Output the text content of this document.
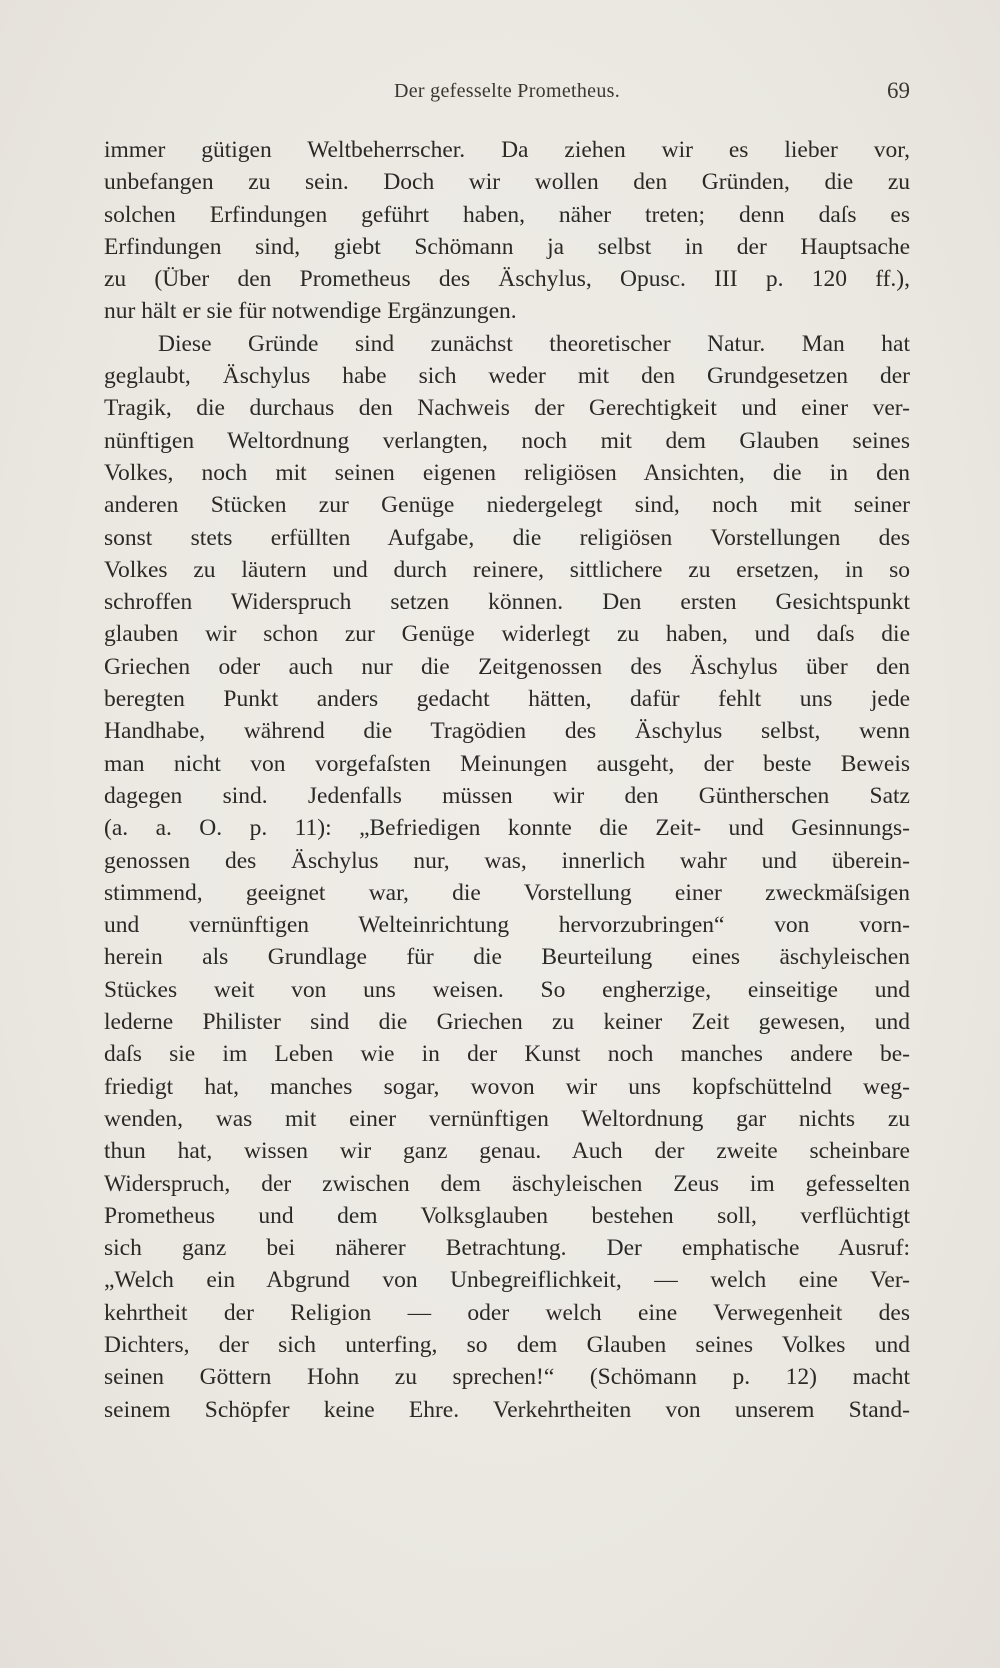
Der gefesselte Prometheus.	69
immer gütigen Weltbeherrscher. Da ziehen wir es lieber vor,
unbefangen zu sein. Doch wir wollen den Gründen, die zu
solchen Erfindungen geführt haben, näher treten; denn daſs es
Erfindungen sind, giebt Schömann ja selbst in der Hauptsache
zu (Über den Prometheus des Äschylus, Opusc. III p. 120 ff.),
nur hält er sie für notwendige Ergänzungen.
Diese Gründe sind zunächst theoretischer Natur. Man hat
geglaubt, Äschylus habe sich weder mit den Grundgesetzen der
Tragik, die durchaus den Nachweis der Gerechtigkeit und einer ver-
nünftigen Weltordnung verlangten, noch mit dem Glauben seines
Volkes, noch mit seinen eigenen religiösen Ansichten, die in den
anderen Stücken zur Genüge niedergelegt sind, noch mit seiner
sonst stets erfüllten Aufgabe, die religiösen Vorstellungen des
Volkes zu läutern und durch reinere, sittlichere zu ersetzen, in so
schroffen Widerspruch setzen können. Den ersten Gesichtspunkt
glauben wir schon zur Genüge widerlegt zu haben, und daſs die
Griechen oder auch nur die Zeitgenossen des Äschylus über den
beregten Punkt anders gedacht hätten, dafür fehlt uns jede
Handhabe, während die Tragödien des Äschylus selbst, wenn
man nicht von vorgefaſsten Meinungen ausgeht, der beste Beweis
dagegen sind. Jedenfalls müssen wir den Güntherschen Satz
(a. a. O. p. 11): „Befriedigen konnte die Zeit- und Gesinnungs-
genossen des Äschylus nur, was, innerlich wahr und überein-
stimmend, geeignet war, die Vorstellung einer zweckmäſsigen
und vernünftigen Welteinrichtung hervorzubringen“ von vorn-
herein als Grundlage für die Beurteilung eines äschyleischen
Stückes weit von uns weisen. So engherzige, einseitige und
lederne Philister sind die Griechen zu keiner Zeit gewesen, und
daſs sie im Leben wie in der Kunst noch manches andere be-
friedigt hat, manches sogar, wovon wir uns kopfschüttelnd weg-
wenden, was mit einer vernünftigen Weltordnung gar nichts zu
thun hat, wissen wir ganz genau. Auch der zweite scheinbare
Widerspruch, der zwischen dem äschyleischen Zeus im gefesselten
Prometheus und dem Volksglauben bestehen soll, verflüchtigt
sich ganz bei näherer Betrachtung. Der emphatische Ausruf:
„Welch ein Abgrund von Unbegreiflichkeit, — welch eine Ver-
kehrtheit der Religion — oder welch eine Verwegenheit des
Dichters, der sich unterfing, so dem Glauben seines Volkes und
seinen Göttern Hohn zu sprechen!“ (Schömann p. 12) macht
seinem Schöpfer keine Ehre. Verkehrtheiten von unserem Stand-
